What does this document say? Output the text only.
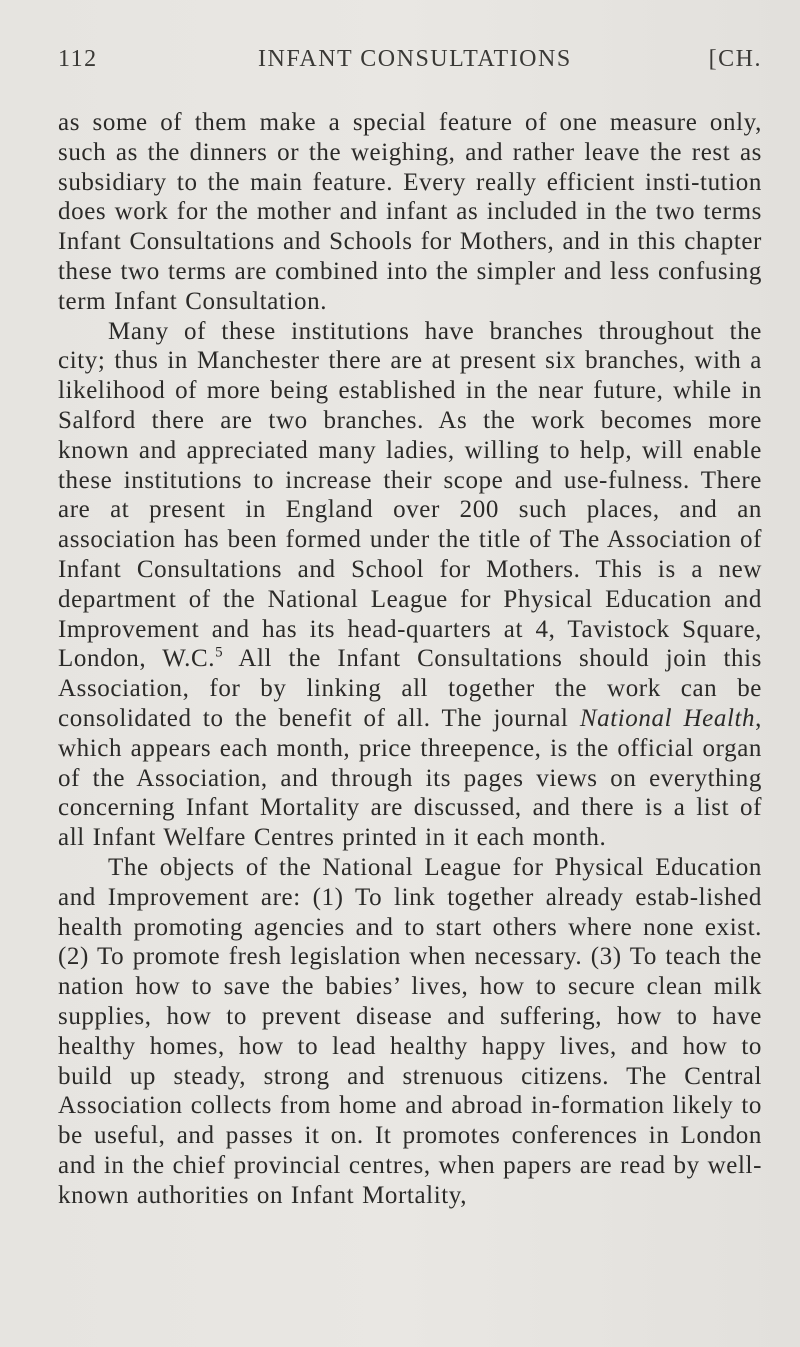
112	INFANT CONSULTATIONS	[CH.

as some of them make a special feature of one measure only, such as the dinners or the weighing, and rather leave the rest as subsidiary to the main feature. Every really efficient insti-tution does work for the mother and infant as included in the two terms Infant Consultations and Schools for Mothers, and in this chapter these two terms are combined into the simpler and less confusing term Infant Consultation.

Many of these institutions have branches throughout the city; thus in Manchester there are at present six branches, with a likelihood of more being established in the near future, while in Salford there are two branches. As the work becomes more known and appreciated many ladies, willing to help, will enable these institutions to increase their scope and use-fulness. There are at present in England over 200 such places, and an association has been formed under the title of The Association of Infant Consultations and School for Mothers. This is a new department of the National League for Physical Education and Improvement and has its head-quarters at 4, Tavistock Square, London, W.C.$^5$ All the Infant Consultations should join this Association, for by linking all together the work can be consolidated to the benefit of all. The journal National Health, which appears each month, price threepence, is the official organ of the Association, and through its pages views on everything concerning Infant Mortality are discussed, and there is a list of all Infant Welfare Centres printed in it each month.

The objects of the National League for Physical Education and Improvement are: (1) To link together already estab-lished health promoting agencies and to start others where none exist. (2) To promote fresh legislation when necessary. (3) To teach the nation how to save the babies’ lives, how to secure clean milk supplies, how to prevent disease and suffering, how to have healthy homes, how to lead healthy happy lives, and how to build up steady, strong and strenuous citizens. The Central Association collects from home and abroad in-formation likely to be useful, and passes it on. It promotes conferences in London and in the chief provincial centres, when papers are read by well-known authorities on Infant Mortality,
